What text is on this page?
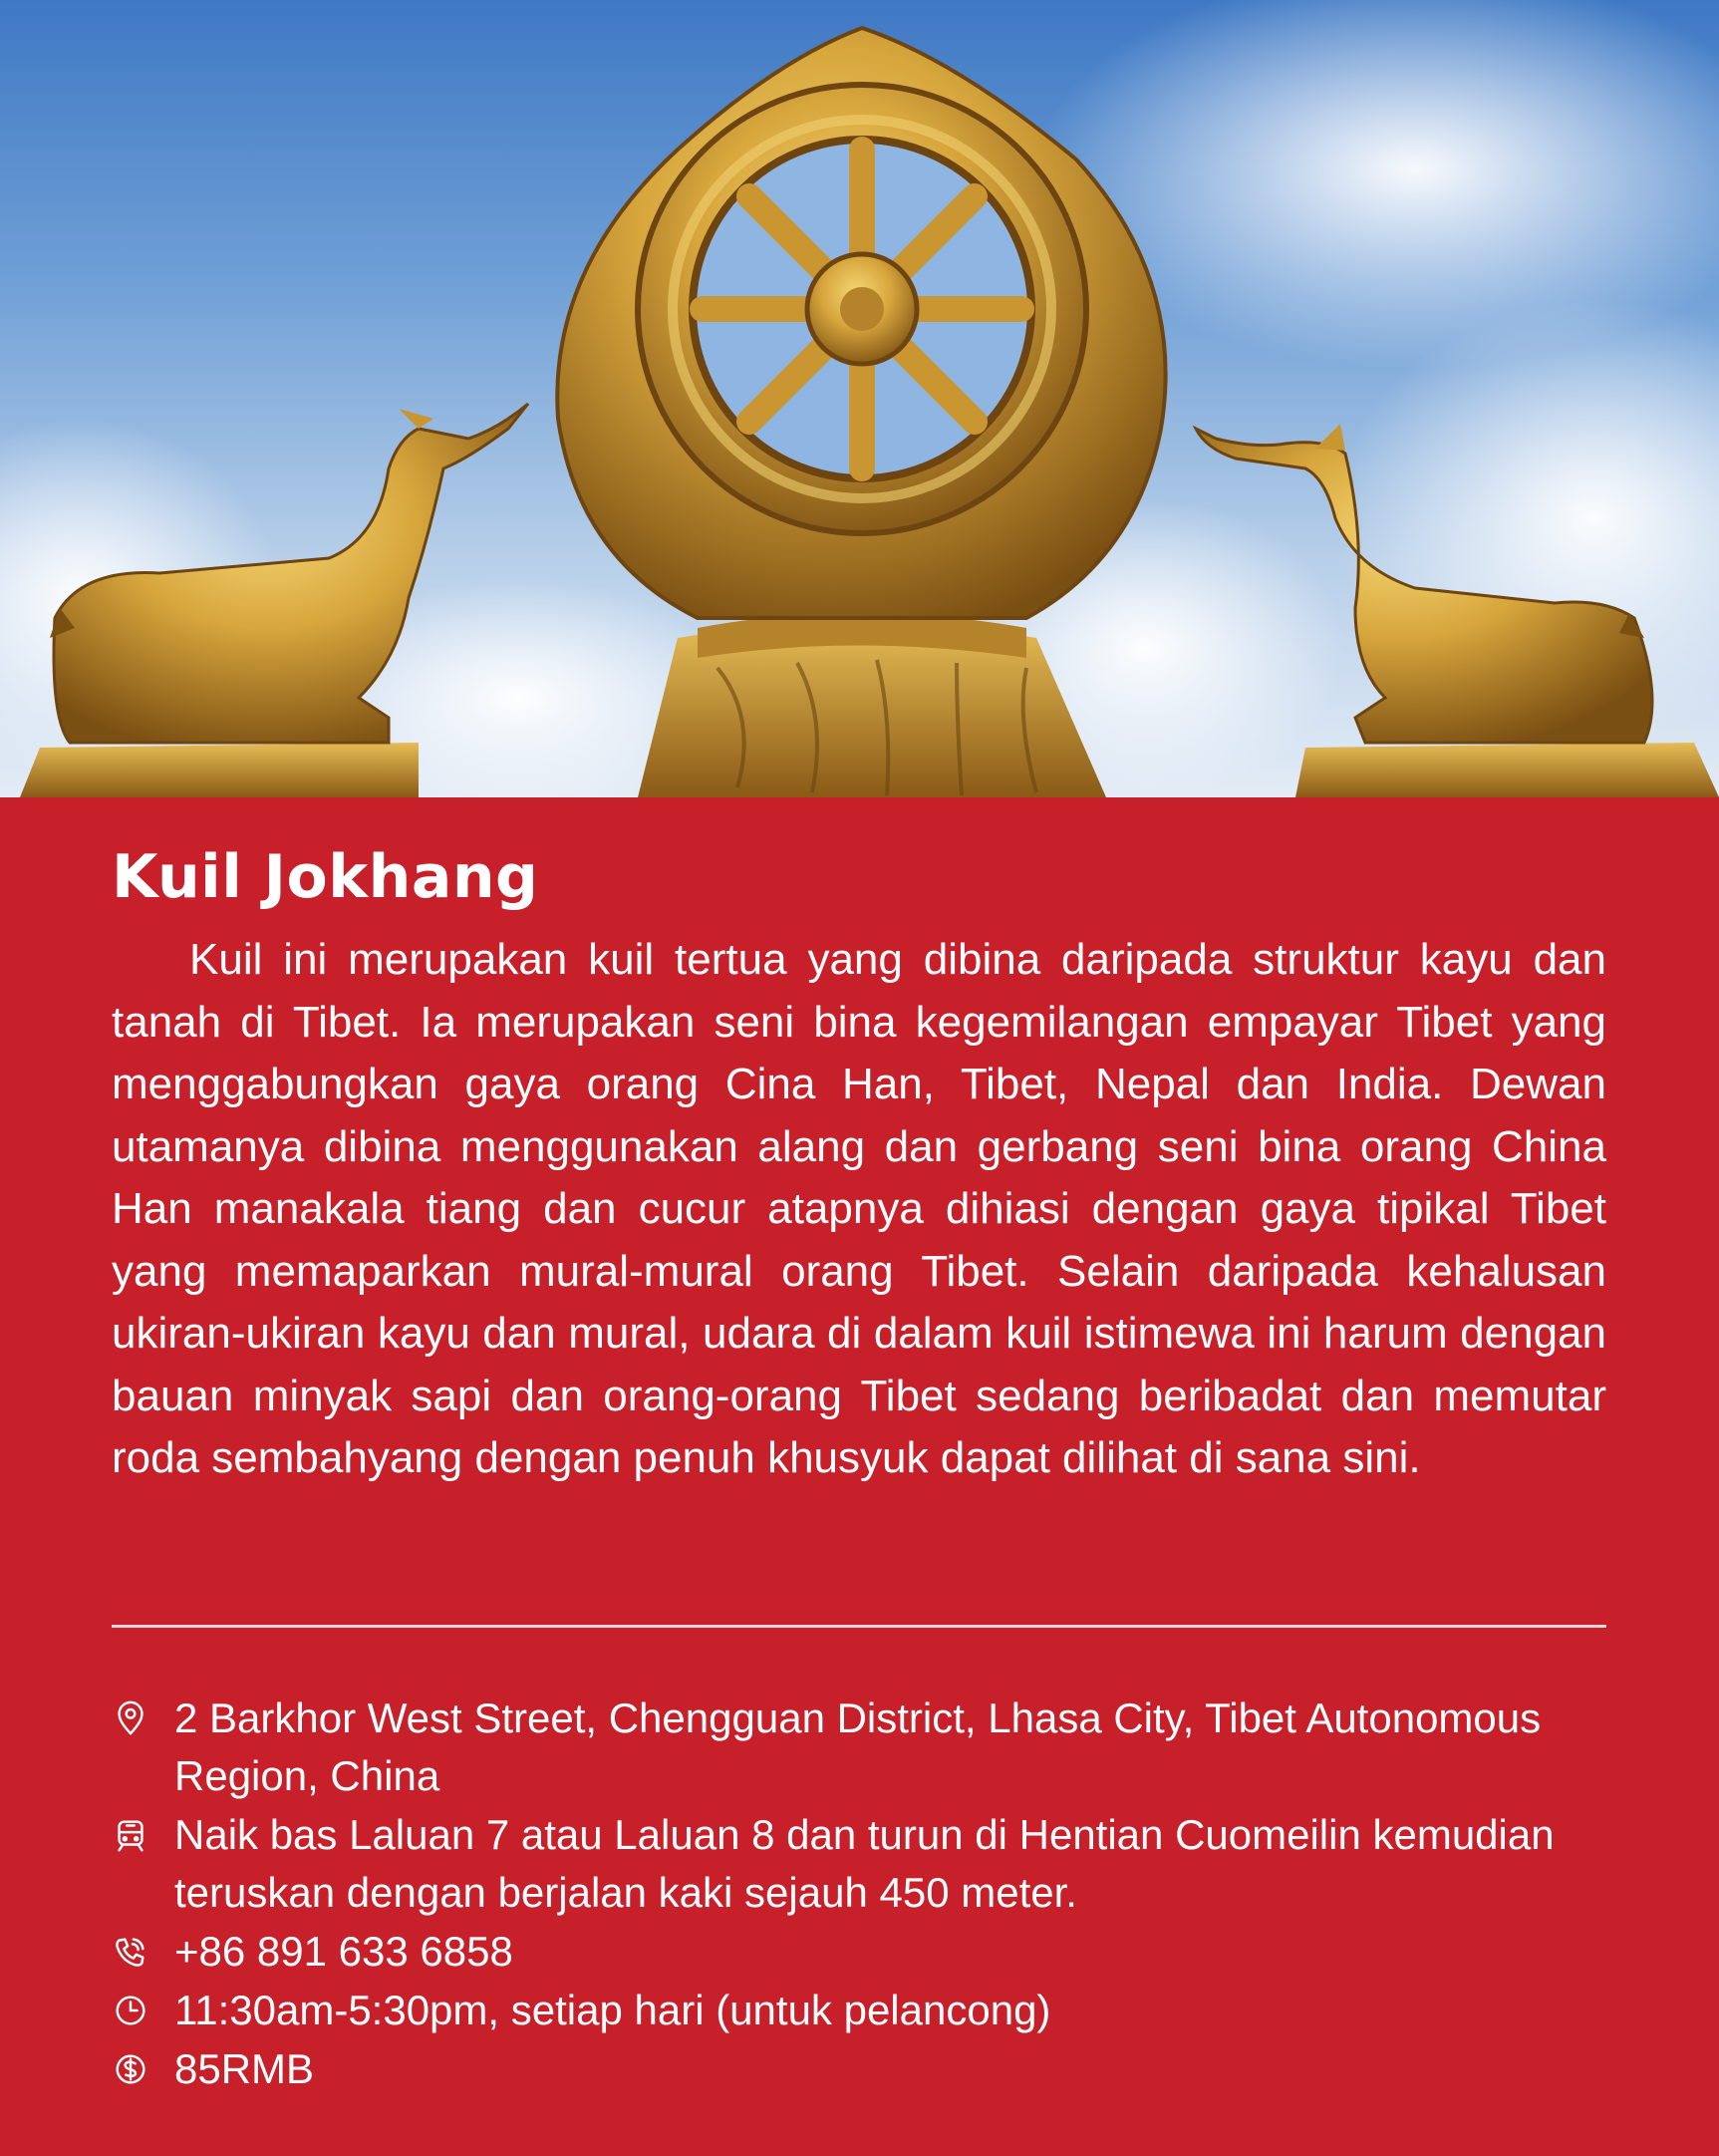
Kuil Jokhang

Kuil ini merupakan kuil tertua yang dibina daripada struktur kayu dan tanah di Tibet. Ia merupakan seni bina kegemilangan empayar Tibet yang menggabungkan gaya orang Cina Han, Tibet, Nepal dan India. Dewan utamanya dibina menggunakan alang dan gerbang seni bina orang China Han manakala tiang dan cucur atapnya dihiasi dengan gaya tipikal Tibet yang memaparkan mural-mural orang Tibet. Selain daripada kehalusan ukiran-ukiran kayu dan mural, udara di dalam kuil istimewa ini harum dengan bauan minyak sapi dan orang-orang Tibet sedang beribadat dan memutar roda sembahyang dengan penuh khusyuk dapat dilihat di sana sini.

2 Barkhor West Street, Chengguan District, Lhasa City, Tibet Autonomous Region, China
Naik bas Laluan 7 atau Laluan 8 dan turun di Hentian Cuomeilin kemudian teruskan dengan berjalan kaki sejauh 450 meter.
+86 891 633 6858
11:30am-5:30pm, setiap hari (untuk pelancong)
85RMB
